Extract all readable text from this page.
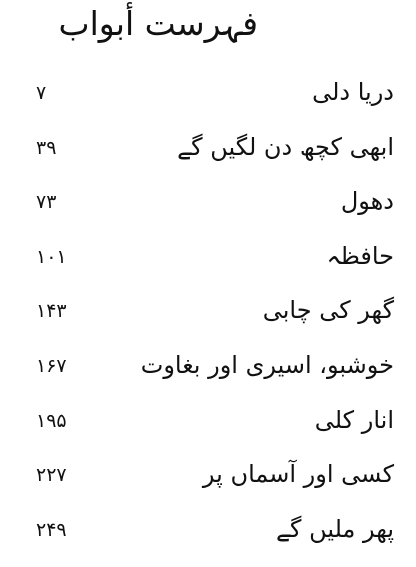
فہرست أبواب
دریا دلی
۷
ابھی کچھ دن لگیں گے
۳۹
دھول
۷۳
حافظہ
۱۰۱
گھر کی چابی
۱۴۳
خوشبو، اسیری اور بغاوت
۱۶۷
انار کلی
۱۹۵
کسی اور آسماں پر
۲۲۷
پھر ملیں گے
۲۴۹
